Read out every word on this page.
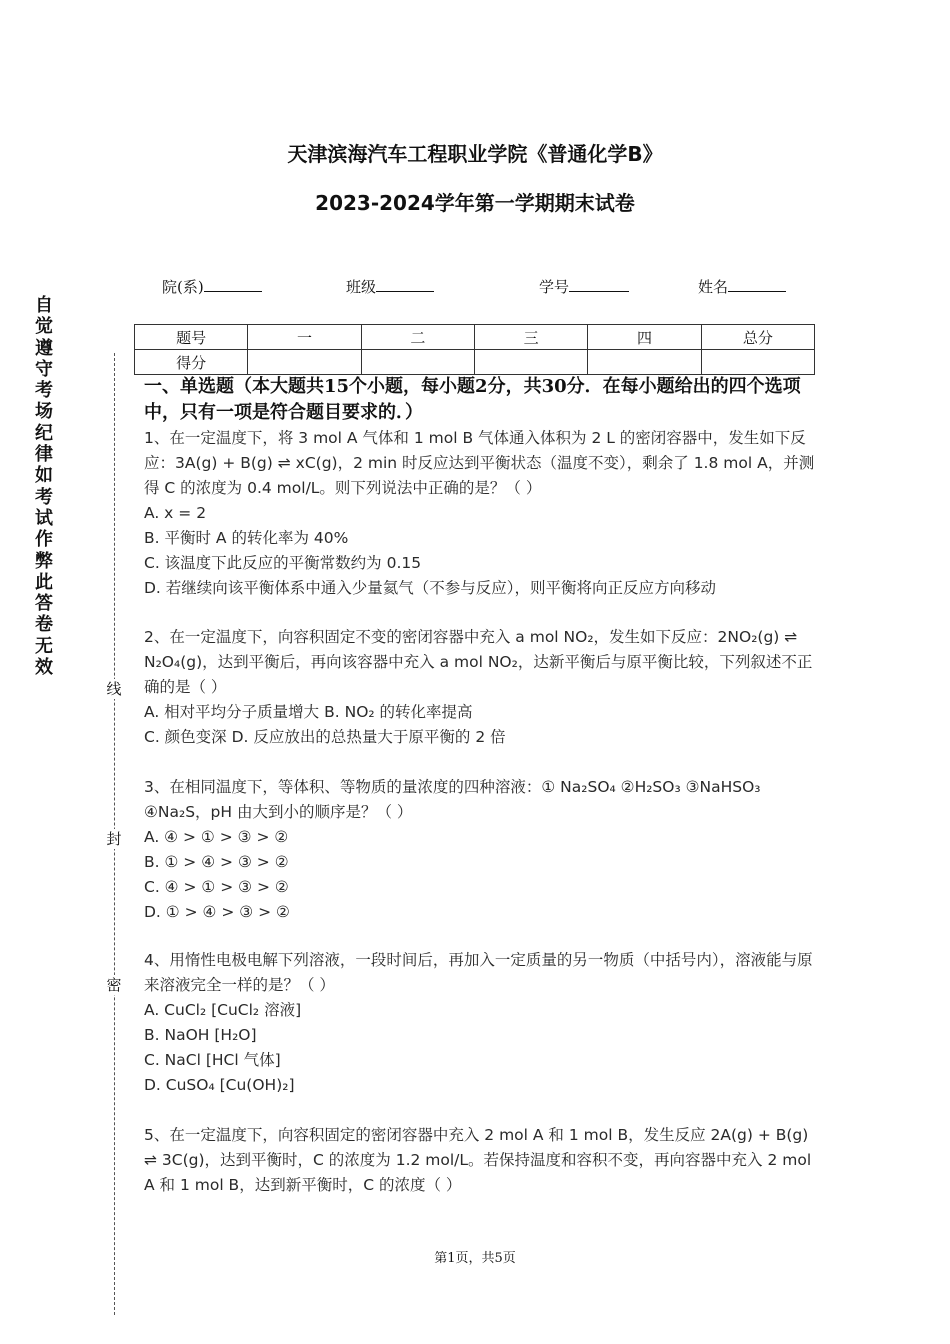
天津滨海汽车工程职业学院《普通化学B》
2023-2024学年第一学期期末试卷
院(系)	班级	学号	姓名
题号	一	二	三	四	总分
得分					
自
觉
遵
守
考
场
纪
律
如
考
试
作
弊
此
答
卷
无
效
线
封
密
一、单选题（本大题共15个小题，每小题2分，共30分．在每小题给出的四个选项中，只有一项是符合题目要求的．）

1、在一定温度下，将 3 mol A 气体和 1 mol B 气体通入体积为 2 L 的密闭容器中，发生如下反应：3A(g) + B(g) ⇌ xC(g)，2 min 时反应达到平衡状态（温度不变），剩余了 1.8 mol A，并测得 C 的浓度为 0.4 mol/L。则下列说法中正确的是？（ ）

A. x = 2

B. 平衡时 A 的转化率为 40%

C. 该温度下此反应的平衡常数约为 0.15

D. 若继续向该平衡体系中通入少量氦气（不参与反应），则平衡将向正反应方向移动

2、在一定温度下，向容积固定不变的密闭容器中充入 a mol NO₂，发生如下反应：2NO₂(g) ⇌ N₂O₄(g)，达到平衡后，再向该容器中充入 a mol NO₂，达新平衡后与原平衡比较，下列叙述不正确的是（ ）

A. 相对平均分子质量增大 B. NO₂ 的转化率提高

C. 颜色变深 D. 反应放出的总热量大于原平衡的 2 倍

3、在相同温度下，等体积、等物质的量浓度的四种溶液：① Na₂SO₄ ②H₂SO₃ ③NaHSO₃ ④Na₂S，pH 由大到小的顺序是？（ ）

A. ④ > ① > ③ > ②

B. ① > ④ > ③ > ②

C. ④ > ① > ③ > ②

D. ① > ④ > ③ > ②

4、用惰性电极电解下列溶液，一段时间后，再加入一定质量的另一物质（中括号内），溶液能与原来溶液完全一样的是？（ ）

A. CuCl₂ [CuCl₂ 溶液]

B. NaOH [H₂O]

C. NaCl [HCl 气体]

D. CuSO₄ [Cu(OH)₂]

5、在一定温度下，向容积固定的密闭容器中充入 2 mol A 和 1 mol B，发生反应 2A(g) + B(g) ⇌ 3C(g)，达到平衡时，C 的浓度为 1.2 mol/L。若保持温度和容积不变，再向容器中充入 2 mol A 和 1 mol B，达到新平衡时，C 的浓度（ ）

第1页，共5页
